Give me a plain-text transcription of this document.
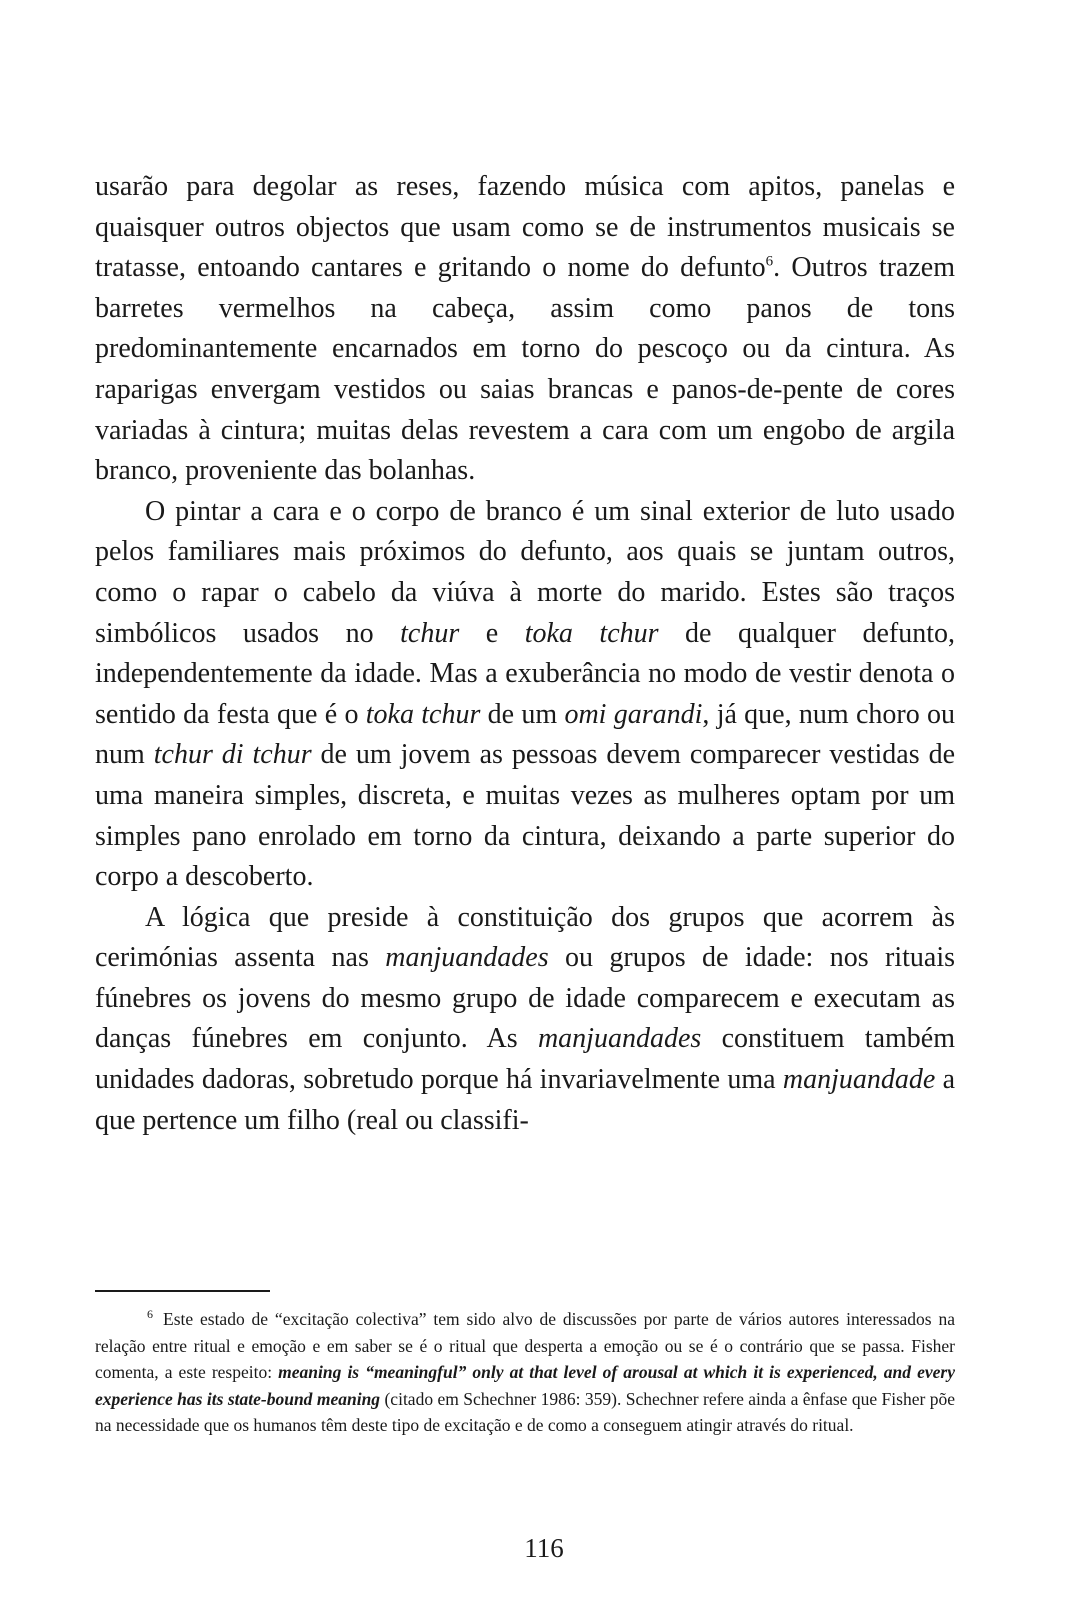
usarão para degolar as reses, fazendo música com apitos, panelas e quaisquer outros objectos que usam como se de instrumentos musicais se tratasse, entoando cantares e gritando o nome do defunto$^6$. Outros trazem barretes vermelhos na cabeça, assim como panos de tons predominantemente encarnados em torno do pescoço ou da cintura. As raparigas envergam vestidos ou saias brancas e panos-de-pente de cores variadas à cintura; muitas delas revestem a cara com um engobo de argila branco, proveniente das bolanhas.

O pintar a cara e o corpo de branco é um sinal exterior de luto usado pelos familiares mais próximos do defunto, aos quais se juntam outros, como o rapar o cabelo da viúva à morte do marido. Estes são traços simbólicos usados no tchur e toka tchur de qualquer defunto, independentemente da idade. Mas a exuberância no modo de vestir denota o sentido da festa que é o toka tchur de um omi garandi, já que, num choro ou num tchur di tchur de um jovem as pessoas devem comparecer vestidas de uma maneira simples, discreta, e muitas vezes as mulheres optam por um simples pano enrolado em torno da cintura, deixando a parte superior do corpo a descoberto.

A lógica que preside à constituição dos grupos que acorrem às cerimónias assenta nas manjuandades ou grupos de idade: nos rituais fúnebres os jovens do mesmo grupo de idade comparecem e executam as danças fúnebres em conjunto. As manjuandades constituem também unidades dadoras, sobretudo porque há invariavelmente uma manjuandade a que pertence um filho (real ou classifi-

$^6$ Este estado de “excitação colectiva” tem sido alvo de discussões por parte de vários autores interessados na relação entre ritual e emoção e em saber se é o ritual que desperta a emoção ou se é o contrário que se passa. Fisher comenta, a este respeito: meaning is “meaningful” only at that level of arousal at which it is experienced, and every experience has its state-bound meaning (citado em Schechner 1986: 359). Schechner refere ainda a ênfase que Fisher põe na necessidade que os humanos têm deste tipo de excitação e de como a conseguem atingir através do ritual.

116
